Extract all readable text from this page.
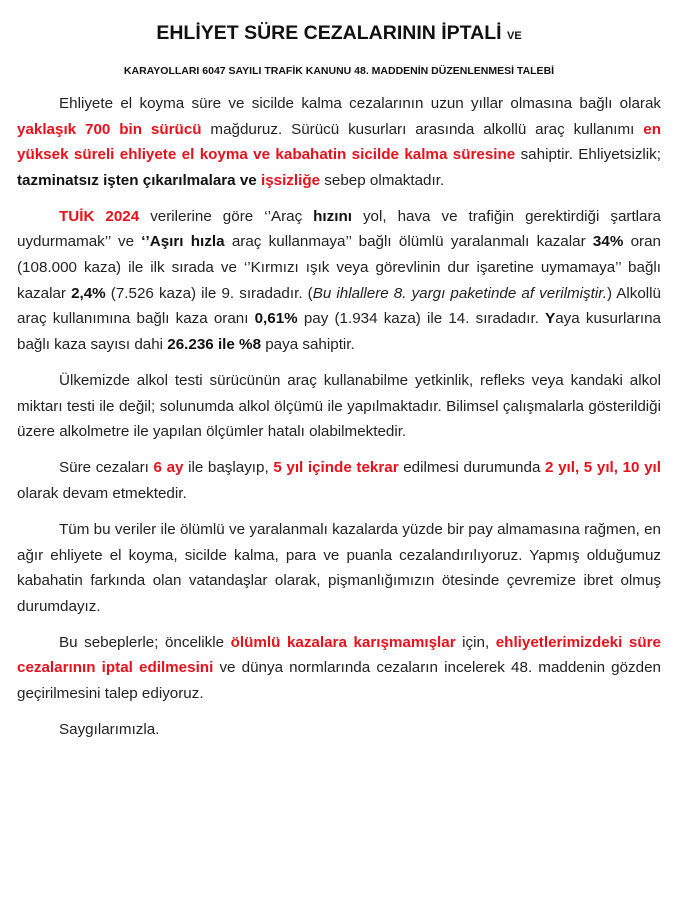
EHLİYET SÜRE CEZALARININ İPTALİ VE
KARAYOLLARI 6047 SAYILI TRAFİK KANUNU 48. MADDENİN DÜZENLENMESİ TALEBİ

Ehliyete el koyma süre ve sicilde kalma cezalarının uzun yıllar olmasına bağlı olarak yaklaşık 700 bin sürücü mağduruz. Sürücü kusurları arasında alkollü araç kullanımı en yüksek süreli ehliyete el koyma ve kabahatin sicilde kalma süresine sahiptir. Ehliyetsizlik; tazminatsız işten çıkarılmalara ve işsizliğe sebep olmaktadır.

TUİK 2024 verilerine göre ‘’Araç hızını yol, hava ve trafiğin gerektirdiği şartlara uydurmamak’’ ve ‘’Aşırı hızla araç kullanmaya’’ bağlı ölümlü yaralanmalı kazalar 34% oran (108.000 kaza) ile ilk sırada ve ‘’Kırmızı ışık veya görevlinin dur işaretine uymamaya’’ bağlı kazalar 2,4% (7.526 kaza) ile 9. sıradadır. (Bu ihlallere 8. yargı paketinde af verilmiştir.) Alkollü araç kullanımına bağlı kaza oranı 0,61% pay (1.934 kaza) ile 14. sıradadır. Yaya kusurlarına bağlı kaza sayısı dahi 26.236 ile %8 paya sahiptir.

Ülkemizde alkol testi sürücünün araç kullanabilme yetkinlik, refleks veya kandaki alkol miktarı testi ile değil; solunumda alkol ölçümü ile yapılmaktadır. Bilimsel çalışmalarla gösterildiği üzere alkolmetre ile yapılan ölçümler hatalı olabilmektedir.

Süre cezaları 6 ay ile başlayıp, 5 yıl içinde tekrar edilmesi durumunda 2 yıl, 5 yıl, 10 yıl olarak devam etmektedir.

Tüm bu veriler ile ölümlü ve yaralanmalı kazalarda yüzde bir pay almamasına rağmen, en ağır ehliyete el koyma, sicilde kalma, para ve puanla cezalandırılıyoruz. Yapmış olduğumuz kabahatin farkında olan vatandaşlar olarak, pişmanlığımızın ötesinde çevremize ibret olmuş durumdayız.

Bu sebeplerle; öncelikle ölümlü kazalara karışmamışlar için, ehliyetlerimizdeki süre cezalarının iptal edilmesini ve dünya normlarında cezaların incelerek 48. maddenin gözden geçirilmesini talep ediyoruz.

Saygılarımızla.
